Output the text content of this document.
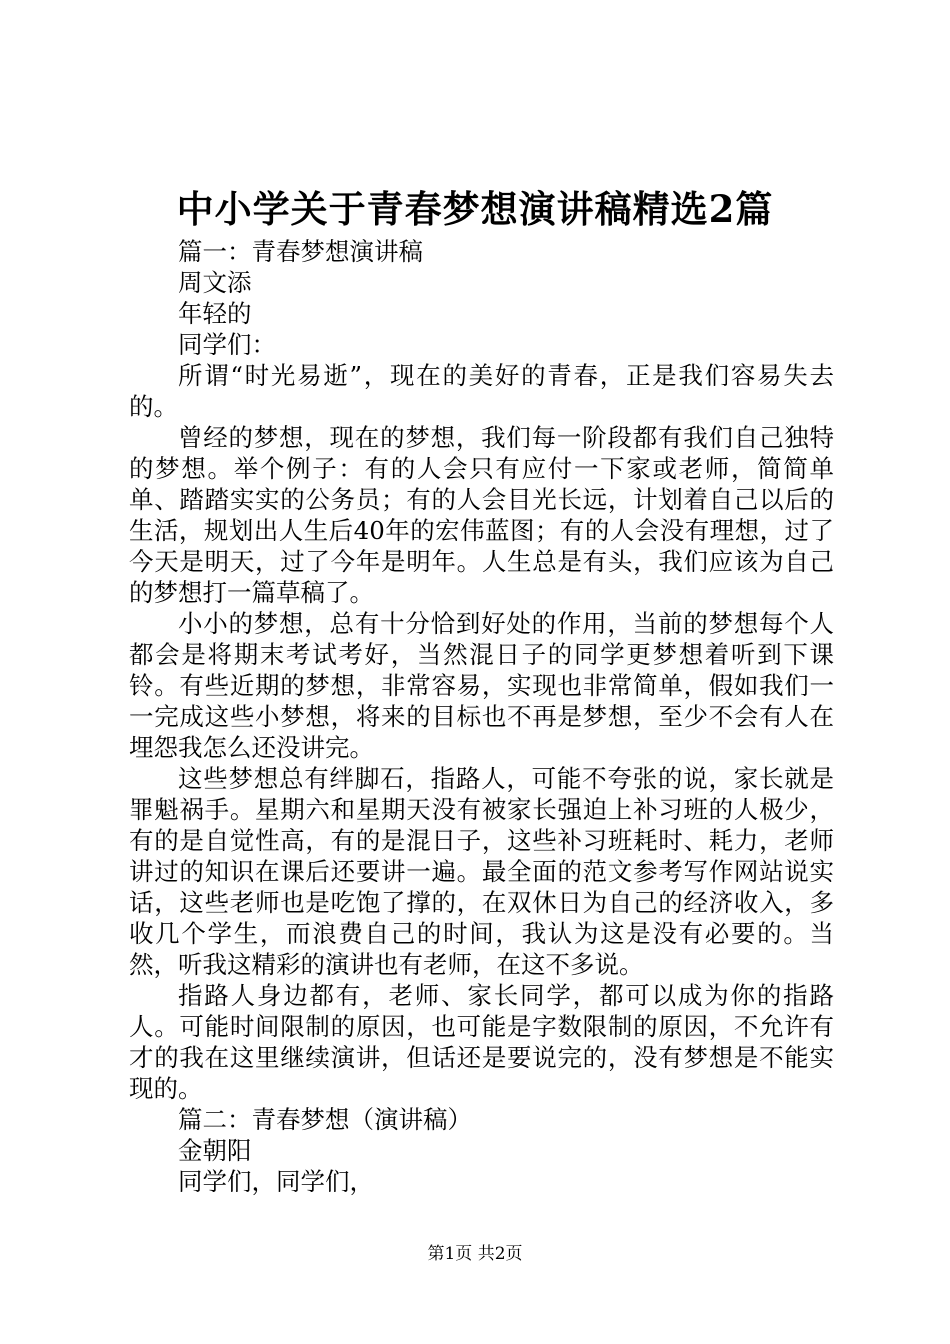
中小学关于青春梦想演讲稿精选2篇

篇一：青春梦想演讲稿

周文添

年轻的

同学们：

所谓“时光易逝”，现在的美好的青春，正是我们容易失去的。

曾经的梦想，现在的梦想，我们每一阶段都有我们自己独特的梦想。举个例子：有的人会只有应付一下家或老师，简简单单、踏踏实实的公务员；有的人会目光长远，计划着自己以后的生活，规划出人生后40年的宏伟蓝图；有的人会没有理想，过了今天是明天，过了今年是明年。人生总是有头，我们应该为自己的梦想打一篇草稿了。

小小的梦想，总有十分恰到好处的作用，当前的梦想每个人都会是将期末考试考好，当然混日子的同学更梦想着听到下课铃。有些近期的梦想，非常容易，实现也非常简单，假如我们一一完成这些小梦想，将来的目标也不再是梦想，至少不会有人在埋怨我怎么还没讲完。

这些梦想总有绊脚石，指路人，可能不夸张的说，家长就是罪魁祸手。星期六和星期天没有被家长强迫上补习班的人极少，有的是自觉性高，有的是混日子，这些补习班耗时、耗力，老师讲过的知识在课后还要讲一遍。最全面的范文参考写作网站说实话，这些老师也是吃饱了撑的，在双休日为自己的经济收入，多收几个学生，而浪费自己的时间，我认为这是没有必要的。当然，听我这精彩的演讲也有老师，在这不多说。

指路人身边都有，老师、家长同学，都可以成为你的指路人。可能时间限制的原因，也可能是字数限制的原因，不允许有才的我在这里继续演讲，但话还是要说完的，没有梦想是不能实现的。

篇二：青春梦想（演讲稿）

金朝阳

同学们，同学们，

第1页 共2页
